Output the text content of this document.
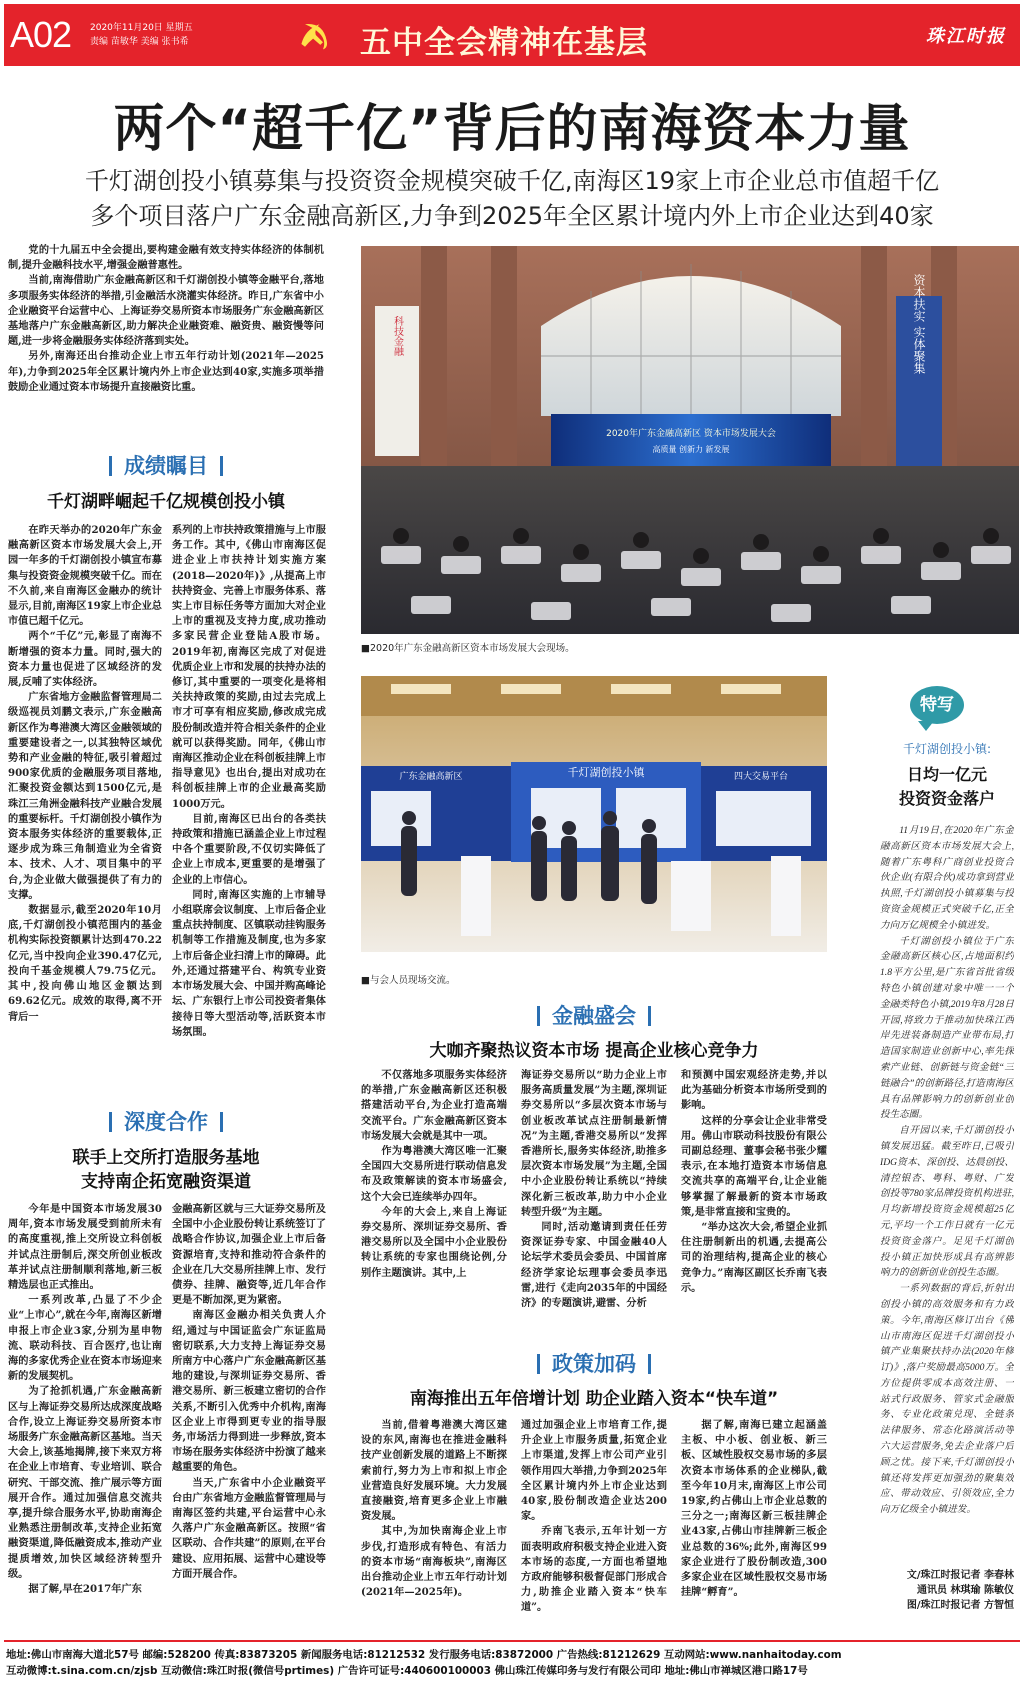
A02 2020年11月20日 星期五
责编 苗敏华 美编 张书希	五中全会精神在基层	珠江时报
两个“超千亿”背后的南海资本力量
千灯湖创投小镇募集与投资资金规模突破千亿,南海区19家上市企业总市值超千亿
多个项目落户广东金融高新区,力争到2025年全区累计境内外上市企业达到40家

党的十九届五中全会提出,要构建金融有效支持实体经济的体制机制,提升金融科技水平,增强金融普惠性。

当前,南海借助广东金融高新区和千灯湖创投小镇等金融平台,落地多项服务实体经济的举措,引金融活水浇灌实体经济。昨日,广东省中小企业融资平台运营中心、上海证券交易所资本市场服务广东金融高新区基地落户广东金融高新区,助力解决企业融资难、融资贵、融资慢等问题,进一步将金融服务实体经济落到实处。

另外,南海还出台推动企业上市五年行动计划(2021年—2025年),力争到2025年全区累计境内外上市企业达到40家,实施多项举措鼓励企业通过资本市场提升直接融资比重。

成绩瞩目
千灯湖畔崛起千亿规模创投小镇

在昨天举办的2020年广东金融高新区资本市场发展大会上,开园一年多的千灯湖创投小镇宣布募集与投资资金规模突破千亿。而在不久前,来自南海区金融办的统计显示,目前,南海区19家上市企业总市值已超千亿元。

两个“千亿”元,彰显了南海不断增强的资本力量。同时,强大的资本力量也促进了区域经济的发展,反哺了实体经济。

广东省地方金融监督管理局二级巡视员刘鹏文表示,广东金融高新区作为粤港澳大湾区金融领域的重要建设者之一,以其独特区域优势和产业金融的特征,吸引着超过900家优质的金融服务项目落地,汇聚投资金额达到1500亿元,是珠江三角洲金融科技产业融合发展的重要标杆。千灯湖创投小镇作为资本服务实体经济的重要载体,正逐步成为珠三角制造业为全省资本、技术、人才、项目集中的平台,为企业做大做强提供了有力的支撑。

数据显示,截至2020年10月底,千灯湖创投小镇范围内的基金机构实际投资额累计达到470.22亿元,当中投向企业390.47亿元,投向千基金规模人79.75亿元。其中,投向佛山地区金额达到69.62亿元。成效的取得,离不开背后一

系列的上市扶持政策措施与上市服务工作。其中,《佛山市南海区促进企业上市扶持计划实施方案(2018—2020年)》,从提高上市扶持资金、完善上市服务体系、落实上市目标任务等方面加大对企业上市的重视及支持力度,成功推动多家民营企业登陆A股市场。2019年初,南海区完成了对促进优质企业上市和发展的扶持办法的修订,其中重要的一项变化是将相关扶持政策的奖励,由过去完成上市才可享有相应奖励,修改成完成股份制改造并符合相关条件的企业就可以获得奖励。同年,《佛山市南海区推动企业在科创板挂牌上市指导意见》也出台,提出对成功在科创板挂牌上市的企业最高奖励1000万元。

目前,南海区已出台的各类扶持政策和措施已涵盖企业上市过程中各个重要阶段,不仅切实降低了企业上市成本,更重要的是增强了企业的上市信心。

同时,南海区实施的上市辅导小组联席会议制度、上市后备企业重点扶持制度、区镇联动挂钩服务机制等工作措施及制度,也为多家上市后备企业扫清上市的障碍。此外,还通过搭建平台、构筑专业资本市场发展大会、中国并购高峰论坛、广东银行上市公司投资者集体接待日等大型活动等,活跃资本市场氛围。

深度合作
联手上交所打造服务基地
支持南企拓宽融资渠道

今年是中国资本市场发展30周年,资本市场发展受到前所未有的高度重视,推上交所设立科创板并试点注册制后,深交所创业板改革并试点注册制顺利落地,新三板精选层也正式推出。

一系列改革,凸显了不少企业“上市心”,就在今年,南海区新增申报上市企业3家,分别为星申物流、联动科技、百合医疗,也让南海的多家优秀企业在资本市场迎来新的发展契机。

为了抢抓机遇,广东金融高新区与上海证券交易所达成深度战略合作,设立上海证券交易所资本市场服务广东金融高新区基地。当天大会上,该基地揭牌,接下来双方将在企业上市培育、专业培训、联合研究、干部交流、推广展示等方面展开合作。通过加强信息交流共享,提升综合服务水平,协助南海企业熟悉注册制改革,支持企业拓宽融资渠道,降低融资成本,推动产业提质增效,加快区域经济转型升级。

据了解,早在2017年广东

金融高新区就与三大证券交易所及全国中小企业股份转让系统签订了战略合作协议,加强企业上市后备资源培育,支持和推动符合条件的企业在几大交易所挂牌上市、发行债券、挂牌、融资等,近几年合作更是不断加深,更为紧密。

南海区金融办相关负责人介绍,通过与中国证监会广东证监局密切联系,大力支持上海证券交易所南方中心落户广东金融高新区基地的建设,与深圳证券交易所、香港交易所、新三板建立密切的合作关系,不断引入优秀中介机构,南海区企业上市得到更专业的指导服务,市场活力得到进一步释放,资本市场在服务实体经济中扮演了越来越重要的角色。

当天,广东省中小企业融资平台由广东省地方金融监督管理局与南海区签约共建,平台运营中心永久落户广东金融高新区。按照“省区联动、合作共建”的原则,在平台建设、应用拓展、运营中心建设等方面开展合作。

资本扶实 实体聚集
科技金融
2020年广东金融高新区 资本市场发展大会
高质量 创新力 新发展
■2020年广东金融高新区资本市场发展大会现场。
广东金融高新区	千灯湖创投小镇	四大交易平台
■与会人员现场交流。
金融盛会
大咖齐聚热议资本市场 提高企业核心竞争力

不仅落地多项服务实体经济的举措,广东金融高新区还积极搭建活动平台,为企业打造高端交流平台。广东金融高新区资本市场发展大会就是其中一项。

作为粤港澳大湾区唯一汇聚全国四大交易所进行联动信息发布及政策解读的资本市场盛会,这个大会已连续举办四年。

今年的大会上,来自上海证券交易所、深圳证券交易所、香港交易所以及全国中小企业股份转让系统的专家也围绕论例,分别作主题演讲。其中,上

海证券交易所以“助力企业上市服务高质量发展”为主题,深圳证券交易所以“多层次资本市场与创业板改革试点注册制最新情况”为主题,香港交易所以“发挥香港所长,服务实体经济,助推多层次资本市场发展”为主题,全国中小企业股份转让系统以“持续深化新三板改革,助力中小企业转型升级”为主题。

同时,活动邀请到责任任劳资深证券专家、中国金融40人论坛学术委员会委员、中国首席经济学家论坛理事会委员李迅雷,进行《走向2035年的中国经济》的专题演讲,避雷、分析

和预测中国宏观经济走势,并以此为基础分析资本市场所受到的影响。

这样的分享会让企业非常受用。佛山市联动科技股份有限公司副总经理、董事会秘书张少耀表示,在本地打造资本市场信息交流共享的高端平台,让企业能够掌握了解最新的资本市场政策,是非常直接和宝贵的。

“举办这次大会,希望企业抓住注册制新出的机遇,去提高公司的治理结构,提高企业的核心竞争力。”南海区副区长乔南飞表示。

政策加码
南海推出五年倍增计划 助企业踏入资本“快车道”

当前,借着粤港澳大湾区建设的东风,南海也在推进金融科技产业创新发展的道路上不断探索前行,努力为上市和拟上市企业营造良好发展环境。大力发展直接融资,培育更多企业上市融资发展。

其中,为加快南海企业上市步伐,打造形成有特色、有活力的资本市场“南海板块”,南海区出台推动企业上市五年行动计划(2021年—2025年)。

通过加强企业上市培育工作,提升企业上市服务质量,拓宽企业上市渠道,发挥上市公司产业引领作用四大举措,力争到2025年全区累计境内外上市企业达到40家,股份制改造企业达200家。

乔南飞表示,五年计划一方面表明政府积极支持企业进入资本市场的态度,一方面也希望地方政府能够积极督促部门形成合力,助推企业踏入资本“快车道”。

据了解,南海已建立起涵盖主板、中小板、创业板、新三板、区域性股权交易市场的多层次资本市场体系的企业梯队,截至今年10月末,南海区上市公司19家,约占佛山上市企业总数的三分之一;南海区新三板挂牌企业43家,占佛山市挂牌新三板企业总数的36%;此外,南海区99家企业进行了股份制改造,300多家企业在区域性股权交易市场挂牌“孵育”。

特写
千灯湖创投小镇:
日均一亿元
投资资金落户

11月19日,在2020年广东金融高新区资本市场发展大会上,随着广东粤科广商创业投资合伙企业(有限合伙)成功拿到营业执照,千灯湖创投小镇募集与投资资金规模正式突破千亿,正全力向万亿规模全小镇进发。

千灯湖创投小镇位于广东金融高新区核心区,占地面积约1.8平方公里,是广东省首批省级特色小镇创建对象中唯一一个金融类特色小镇,2019年8月28日开园,将致力于推动加快珠江西岸先进装备制造产业带布局,打造国家制造业创新中心,率先探索产业链、创新链与资金链“三链融合”的创新路径,打造南海区具有品牌影响力的创新创业创投生态圈。

自开园以来,千灯湖创投小镇发展迅猛。截至昨日,已吸引IDG资本、深创投、达晨创投、清控银杏、粤科、粤财、广发创投等780家品牌投资机构进驻,月均新增投资资金规模超25亿元,平均一个工作日就有一亿元投资资金落户。足见千灯湖创投小镇正加快形成具有高辨影响力的创新创业创投生态圈。

一系列数据的背后,折射出创投小镇的高效服务和有力政策。今年,南海区修订出台《佛山市南海区促进千灯湖创投小镇产业集聚扶持办法(2020年修订)》,落户奖励最高5000万。全方位提供零成本高效注册、一站式行政服务、管家式金融服务、专业化政策兑现、全链条法律服务、常态化路演活动等六大运营服务,免去企业落户后顾之忧。接下来,千灯湖创投小镇还将发挥更加强劲的聚集效应、带动效应、引领效应,全力向万亿级全小镇进发。

文/珠江时报记者 李春林
通讯员 林琪瑜 陈敏仪
图/珠江时报记者 方智恒
地址:佛山市南海大道北57号 邮编:528200 传真:83873205 新闻服务电话:81212532 发行服务电话:83872000 广告热线:81212629 互动网站:www.nanhaitoday.com
互动微博:t.sina.com.cn/zjsb 互动微信:珠江时报(微信号prtimes) 广告许可证号:440600100003 佛山珠江传媒印务与发行有限公司印 地址:佛山市禅城区港口路17号
